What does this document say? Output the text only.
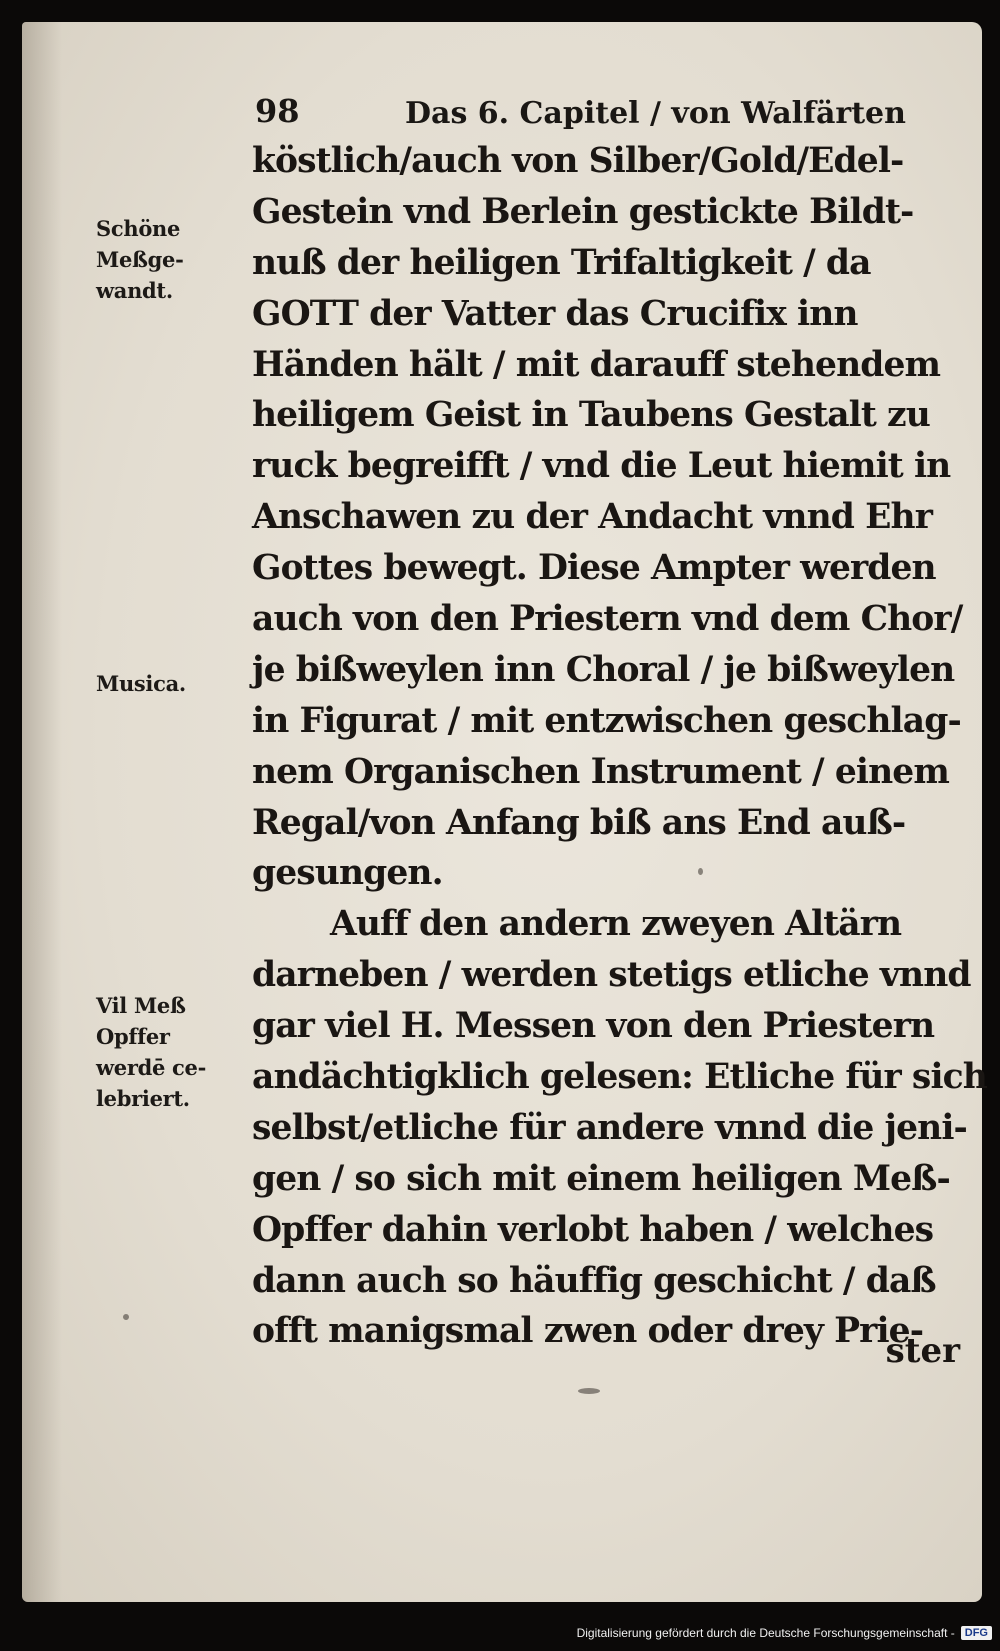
98	Das 6. Capitel / von Walfärten
Schöne
Meßge-
wandt.
Musica.
Vil Meß
Opffer
werdē ce-
lebriert.
köstlich/auch von Silber/Gold/Edel-
Gestein vnd Berlein gestickte Bildt-
nuß der heiligen Trifaltigkeit / da
GOTT der Vatter das Crucifix inn
Händen hält / mit darauff stehendem
heiligem Geist in Taubens Gestalt zu
ruck begreifft / vnd die Leut hiemit in
Anschawen zu der Andacht vnnd Ehr
Gottes bewegt. Diese Ampter werden
auch von den Priestern vnd dem Chor/
je bißweylen inn Choral / je bißweylen
in Figurat / mit entzwischen geschlag-
nem Organischen Instrument / einem
Regal/von Anfang biß ans End auß-
gesungen.
Auff den andern zweyen Altärn
darneben / werden stetigs etliche vnnd
gar viel H. Messen von den Priestern
andächtigklich gelesen: Etliche für sich
selbst/etliche für andere vnnd die jeni-
gen / so sich mit einem heiligen Meß-
Opffer dahin verlobt haben / welches
dann auch so häuffig geschicht / daß
offt manigsmal zwen oder drey Prie-
ster
Digitalisierung gefördert durch die Deutsche Forschungsgemeinschaft - DFG
